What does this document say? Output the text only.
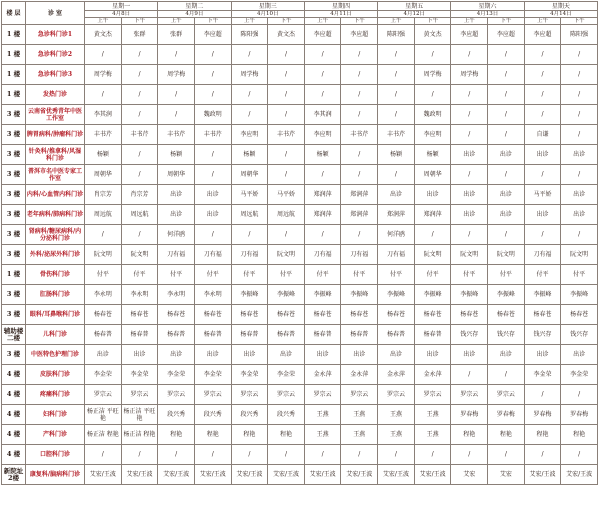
楼 层	诊 室	星期一		星期二		星期三		星期四		星期五		星期六		星期天	
		4月8日		4月9日		4月10日		4月11日		4月12日		4月13日		4月14日	
		上午	下午	上午	下午	上午	下午	上午	下午	上午	下午	上午	下午	上午	下午
1 楼	急诊科门诊1	黄文杰	张群	张群	李应超	陈阳强	黄文杰	李应超	李应超	陈阳强	黄文杰	李应超	李应超	李应超	陈阳强
1 楼	急诊科门诊2	/	/	/	/	/	/	/	/	/	/	/	/	/	/
1 楼	急诊科门诊3	周学梅	/	周学梅	/	周学梅	/	/	/	/	周学梅	周学梅	/	/	/
1 楼	发热门诊	/	/	/	/	/	/	/	/	/	/	/	/	/	/
3 楼	云南省优秀青年中医工作室	李其润	/	/	魏政明	/	/	李其润	/	/	魏政明	/	/	/	/
3 楼	脾胃病科/肿瘤科门诊	丰书芹	丰书芹	丰书芹	丰书芹	李应明	丰书芹	李应明	丰书芹	丰书芹	李应明	/	/	自谦	/
3 楼	针灸科/推拿科/风湿科门诊	杨颖	/	杨颖	/	杨颖	/	杨颖	/	杨颖	杨颖	出诊	出诊	出诊	出诊
3 楼	普洱市名中医专家工作室	周朝华	/	周朝华	/	周朝华	/	/	/	/	周朝华	/	/	/	/
3 楼	内科/心血管内科门诊	肖宗芳	肖宗芳	出诊	出诊	马平娇	马平娇	郑润萍	郑润萍	出诊	出诊	出诊	出诊	马平娇	出诊
3 楼	老年病科/肺病科门诊	周远航	周远航	出诊	出诊	周远航	周远航	郑润萍	郑润萍	郑润萍	郑润萍	出诊	出诊	出诊	出诊
3 楼	肾病科/糖尿病科/内分泌科门诊	/	/	何洋鸥	/	/	/	/	/	何洋鸥	/	/	/	/	/
3 楼	外科/泌尿外科门诊	阮文明	阮文明	刀有福	刀有福	刀有福	阮文明	刀有福	刀有福	刀有福	阮文明	阮文明	阮文明	刀有福	阮文明
1 楼	骨伤科门诊	付平	付平	付平	付平	付平	付平	付平	付平	付平	付平	付平	付平	付平	付平
3 楼	肛肠科门诊	李永明	李永明	李永明	李永明	李振峰	李振峰	李振峰	李振峰	李振峰	李振峰	李振峰	李振峰	李振峰	李振峰
3 楼	眼科/耳鼻喉科门诊	杨春苍	杨春苍	杨春苍	杨春苍	杨春苍	杨春苍	杨春苍	杨春苍	杨春苍	杨春苍	杨春苍	杨春苍	杨春苍	杨春苍
辅助楼二楼	儿科门诊	杨春普	杨春普	杨春普	杨春普	杨春普	杨春普	杨春普	杨春普	杨春普	杨春普	钱兴存	钱兴存	钱兴存	钱兴存
3 楼	中医特色护理门诊	出诊	出诊	出诊	出诊	出诊	出诊	出诊	出诊	出诊	出诊	出诊	出诊	出诊	出诊
4 楼	皮肤科门诊	李金荣	李金荣	李金荣	李金荣	李金荣	李金荣	金永萍	金永萍	金永萍	金永萍	/	/	李金荣	李金荣
4 楼	疼痛科门诊	罗宗云	罗宗云	罗宗云	罗宗云	罗宗云	罗宗云	罗宗云	罗宗云	罗宗云	罗宗云	罗宗云	罗宗云	/	/
4 楼	妇科门诊	杨正洁 平旺艳	杨正洁 平旺艳	段兴秀	段兴秀	段兴秀	段兴秀	王燕	王燕	王燕	王燕	罗春梅	罗春梅	罗春梅	罗春梅
4 楼	产科门诊	杨正洁 程艳	杨正洁 程艳	程艳	程艳	程艳	程艳	王燕	王燕	王燕	王燕	程艳	程艳	程艳	程艳
4 楼	口腔科门诊	/	/	/	/	/	/	/	/	/	/	/	/	/	/
新院址 2楼	康复科/脑病科门诊	艾宏/王波	艾宏/王波	艾宏/王波	艾宏/王波	艾宏/王波	艾宏/王波	艾宏/王波	艾宏/王波	艾宏/王波	艾宏/王波	艾宏	艾宏	艾宏/王波	艾宏/王波
